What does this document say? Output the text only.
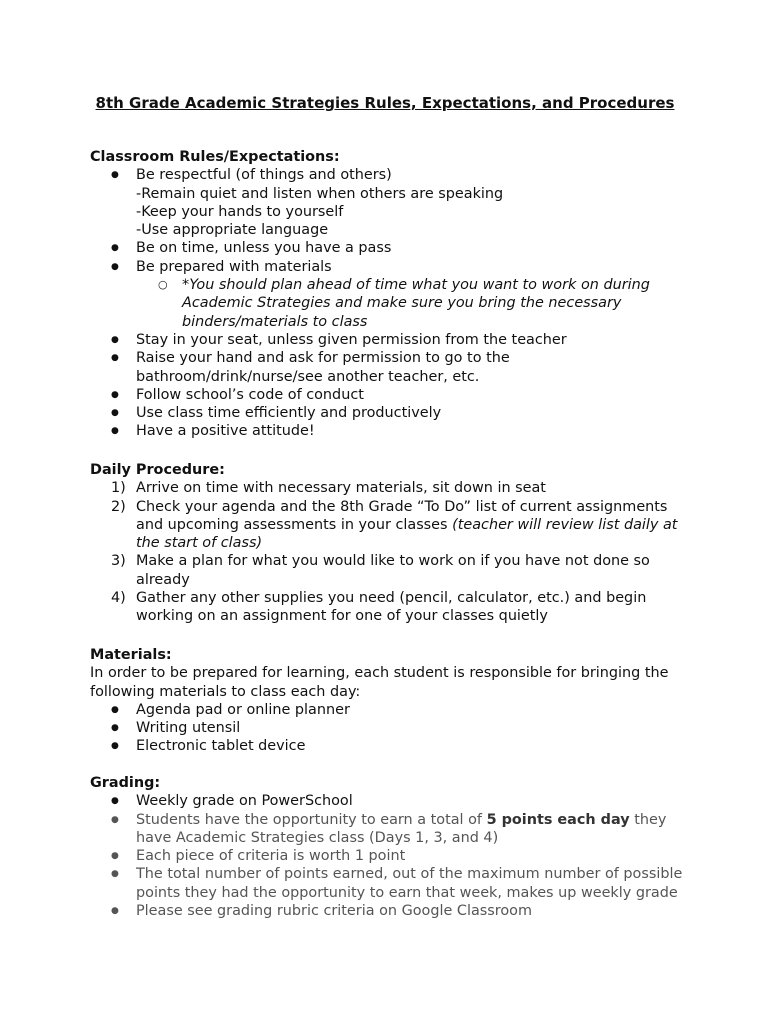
8th Grade Academic Strategies Rules, Expectations, and Procedures
Classroom Rules/Expectations:
● Be respectful (of things and others)
-Remain quiet and listen when others are speaking
-Keep your hands to yourself
-Use appropriate language
● Be on time, unless you have a pass
● Be prepared with materials
○ *You should plan ahead of time what you want to work on during
Academic Strategies and make sure you bring the necessary
binders/materials to class
● Stay in your seat, unless given permission from the teacher
● Raise your hand and ask for permission to go to the
bathroom/drink/nurse/see another teacher, etc.
● Follow school’s code of conduct
● Use class time efficiently and productively
● Have a positive attitude!
Daily Procedure:
1) Arrive on time with necessary materials, sit down in seat
2) Check your agenda and the 8th Grade “To Do” list of current assignments
and upcoming assessments in your classes (teacher will review list daily at
the start of class)
3) Make a plan for what you would like to work on if you have not done so
already
4) Gather any other supplies you need (pencil, calculator, etc.) and begin
working on an assignment for one of your classes quietly
Materials:

In order to be prepared for learning, each student is responsible for bringing the

following materials to class each day:

● Agenda pad or online planner
● Writing utensil
● Electronic tablet device
Grading:
● Weekly grade on PowerSchool
● Students have the opportunity to earn a total of 5 points each day they
have Academic Strategies class (Days 1, 3, and 4)
● Each piece of criteria is worth 1 point
● The total number of points earned, out of the maximum number of possible
points they had the opportunity to earn that week, makes up weekly grade
● Please see grading rubric criteria on Google Classroom
